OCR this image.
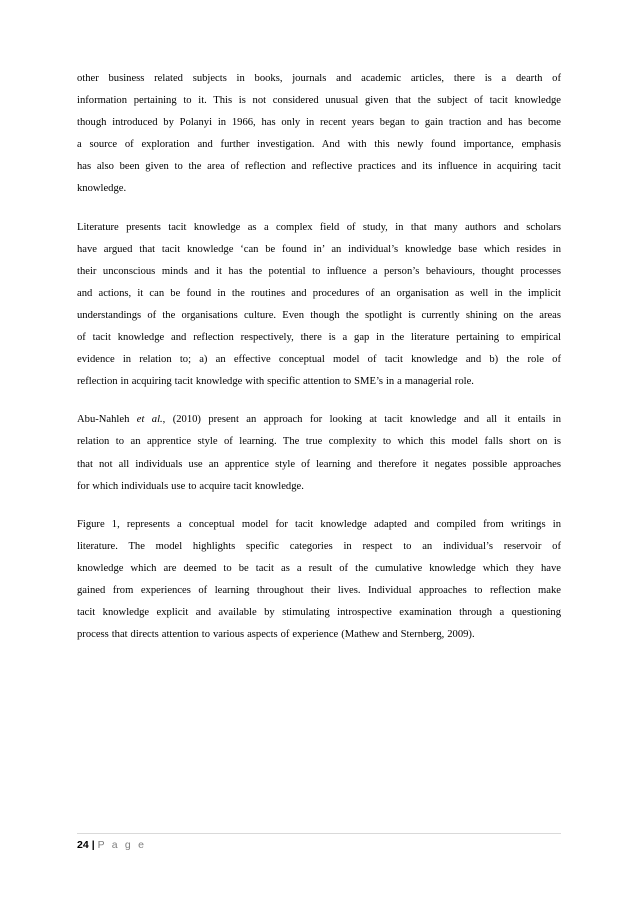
other business related subjects in books, journals and academic articles, there is a dearth of
information pertaining to it. This is not considered unusual given that the subject of tacit knowledge
though introduced by Polanyi in 1966, has only in recent years began to gain traction and has become
a source of exploration and further investigation. And with this newly found importance, emphasis
has also been given to the area of reflection and reflective practices and its influence in acquiring tacit
knowledge.

Literature presents tacit knowledge as a complex field of study, in that many authors and scholars
have argued that tacit knowledge ‘can be found in’ an individual’s knowledge base which resides in
their unconscious minds and it has the potential to influence a person’s behaviours, thought processes
and actions, it can be found in the routines and procedures of an organisation as well in the implicit
understandings of the organisations culture. Even though the spotlight is currently shining on the areas
of tacit knowledge and reflection respectively, there is a gap in the literature pertaining to empirical
evidence in relation to; a) an effective conceptual model of tacit knowledge and b) the role of
reflection in acquiring tacit knowledge with specific attention to SME’s in a managerial role.

Abu-Nahleh et al., (2010) present an approach for looking at tacit knowledge and all it entails in
relation to an apprentice style of learning. The true complexity to which this model falls short on is
that not all individuals use an apprentice style of learning and therefore it negates possible approaches
for which individuals use to acquire tacit knowledge.

Figure 1, represents a conceptual model for tacit knowledge adapted and compiled from writings in
literature. The model highlights specific categories in respect to an individual’s reservoir of
knowledge which are deemed to be tacit as a result of the cumulative knowledge which they have
gained from experiences of learning throughout their lives. Individual approaches to reflection make
tacit knowledge explicit and available by stimulating introspective examination through a questioning
process that directs attention to various aspects of experience (Mathew and Sternberg, 2009).

24 | P a g e
